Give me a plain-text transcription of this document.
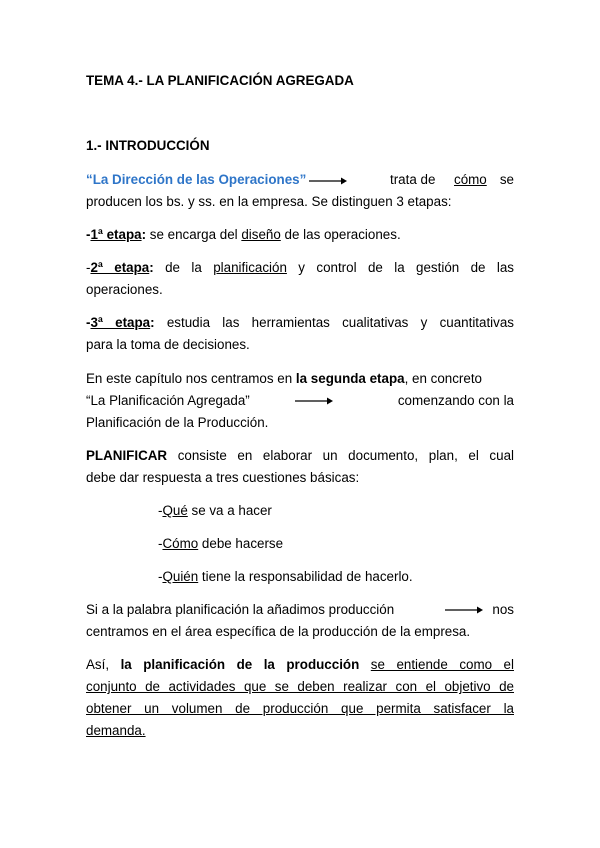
TEMA 4.- LA PLANIFICACIÓN AGREGADA
1.- INTRODUCCIÓN
“La Dirección de las Operaciones”	trata de cómo se
producen los bs. y ss. en la empresa. Se distinguen 3 etapas:
-1ª etapa: se encarga del diseño de las operaciones.
-2ª etapa: de la planificación y control de la gestión de las
operaciones.
-3ª etapa: estudia las herramientas cualitativas y cuantitativas
para la toma de decisiones.
En este capítulo nos centramos en la segunda etapa, en concreto
“La Planificación Agregada”	comenzando con la
Planificación de la Producción.
PLANIFICAR consiste en elaborar un documento, plan, el cual
debe dar respuesta a tres cuestiones básicas:
-Qué se va a hacer
-Cómo debe hacerse
-Quién tiene la responsabilidad de hacerlo.
Si a la palabra planificación la añadimos producción	nos
centramos en el área específica de la producción de la empresa.
Así, la planificación de la producción se entiende como el
conjunto de actividades que se deben realizar con el objetivo de
obtener un volumen de producción que permita satisfacer la
demanda.
